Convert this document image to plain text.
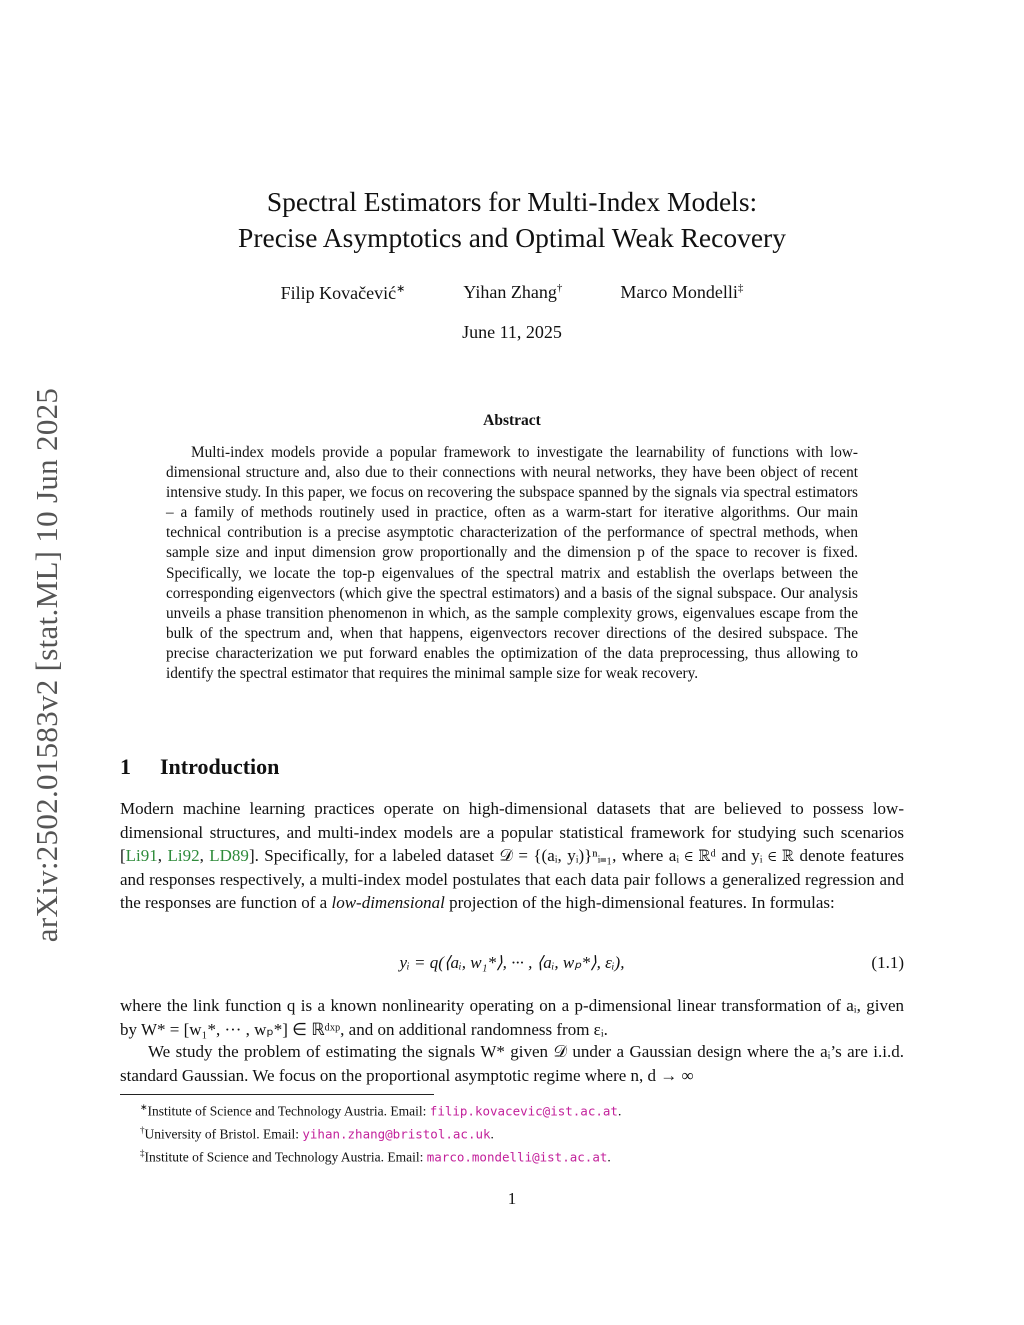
arXiv:2502.01583v2 [stat.ML] 10 Jun 2025
Spectral Estimators for Multi-Index Models:
Precise Asymptotics and Optimal Weak Recovery
Filip Kovačević∗	Yihan Zhang†	Marco Mondelli‡
June 11, 2025
Abstract
Multi-index models provide a popular framework to investigate the learnability of functions with low-dimensional structure and, also due to their connections with neural networks, they have been object of recent intensive study. In this paper, we focus on recovering the subspace spanned by the signals via spectral estimators – a family of methods routinely used in practice, often as a warm-start for iterative algorithms. Our main technical contribution is a precise asymptotic characterization of the performance of spectral methods, when sample size and input dimension grow proportionally and the dimension p of the space to recover is fixed. Specifically, we locate the top-p eigenvalues of the spectral matrix and establish the overlaps between the corresponding eigenvectors (which give the spectral estimators) and a basis of the signal subspace. Our analysis unveils a phase transition phenomenon in which, as the sample complexity grows, eigenvalues escape from the bulk of the spectrum and, when that happens, eigenvectors recover directions of the desired subspace. The precise characterization we put forward enables the optimization of the data preprocessing, thus allowing to identify the spectral estimator that requires the minimal sample size for weak recovery.
1 Introduction
Modern machine learning practices operate on high-dimensional datasets that are believed to possess low-dimensional structures, and multi-index models are a popular statistical framework for studying such scenarios [Li91, Li92, LD89]. Specifically, for a labeled dataset 𝒟 = {(aᵢ, yᵢ)}ⁿᵢ₌₁, where aᵢ ∈ ℝᵈ and yᵢ ∈ ℝ denote features and responses respectively, a multi-index model postulates that each data pair follows a generalized regression and the responses are function of a low-dimensional projection of the high-dimensional features. In formulas:
yᵢ = q(⟨aᵢ, w₁*⟩, ··· , ⟨aᵢ, wₚ*⟩, εᵢ),	(1.1)
where the link function q is a known nonlinearity operating on a p-dimensional linear transformation of aᵢ, given by W* = [w₁*, ··· , wₚ*] ∈ ℝᵈˣᵖ, and on additional randomness from εᵢ.
We study the problem of estimating the signals W* given 𝒟 under a Gaussian design where the aᵢ’s are i.i.d. standard Gaussian. We focus on the proportional asymptotic regime where n, d → ∞
∗Institute of Science and Technology Austria. Email: filip.kovacevic@ist.ac.at.
†University of Bristol. Email: yihan.zhang@bristol.ac.uk.
‡Institute of Science and Technology Austria. Email: marco.mondelli@ist.ac.at.
1
